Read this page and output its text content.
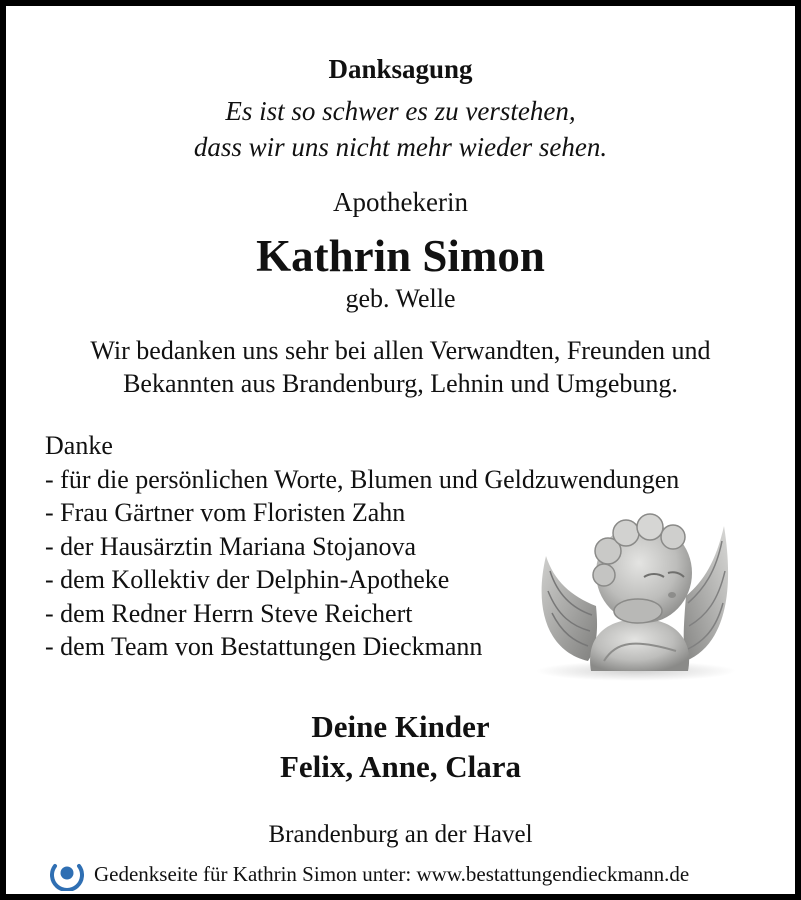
Danksagung
Es ist so schwer es zu verstehen,
dass wir uns nicht mehr wieder sehen.
Apothekerin
Kathrin Simon
geb. Welle
Wir bedanken uns sehr bei allen Verwandten, Freunden und
Bekannten aus Brandenburg, Lehnin und Umgebung.
Danke
- für die persönlichen Worte, Blumen und Geldzuwendungen
- Frau Gärtner vom Floristen Zahn
- der Hausärztin Mariana Stojanova
- dem Kollektiv der Delphin-Apotheke
- dem Redner Herrn Steve Reichert
- dem Team von Bestattungen Dieckmann
Deine Kinder
Felix, Anne, Clara
Brandenburg an der Havel
Gedenkseite für Kathrin Simon unter: www.bestattungendieckmann.de
